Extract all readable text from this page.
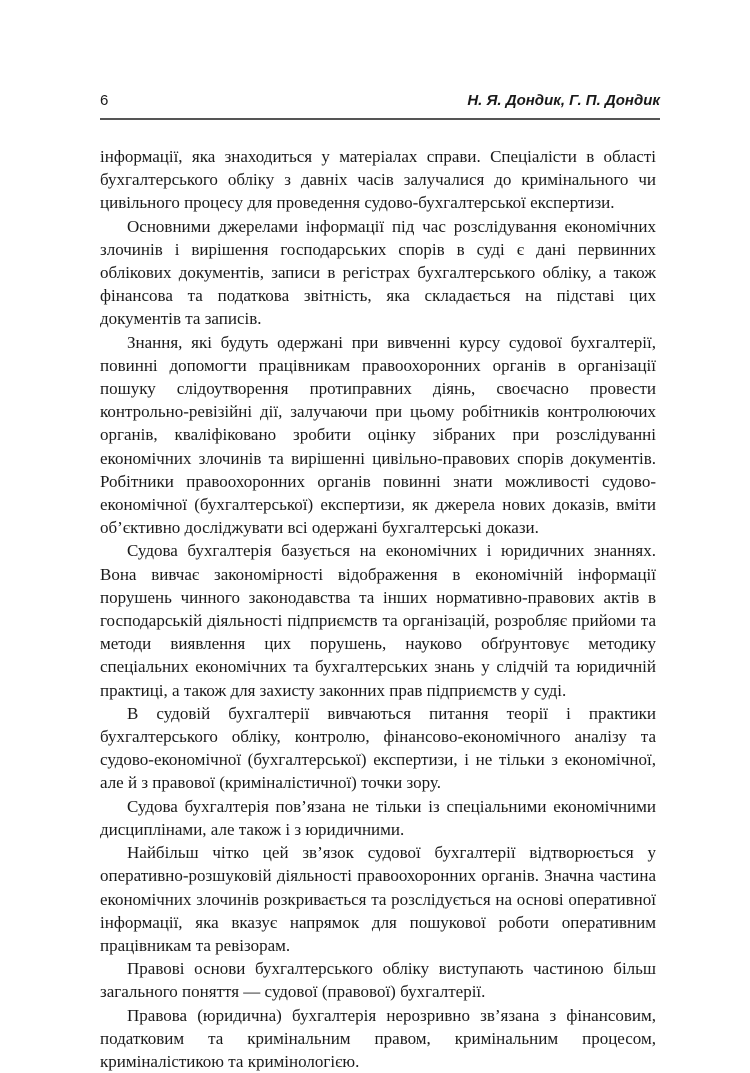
6	Н. Я. Дондик, Г. П. Дондик

інформації, яка знаходиться у матеріалах справи. Спеціалісти в області бухгалтерського обліку з давніх часів залучалися до кримінального чи цивільного процесу для проведення судово-бухгалтерської експертизи.

Основними джерелами інформації під час розслідування економічних злочинів і вирішення господарських спорів в суді є дані первинних облікових документів, записи в регістрах бухгалтерського обліку, а також фінансова та податкова звітність, яка складається на підставі цих документів та записів.

Знання, які будуть одержані при вивченні курсу судової бухгалтерії, повинні допомогти працівникам правоохоронних органів в організації пошуку слідоутворення протиправних діянь, своєчасно провести контрольно-ревізійні дії, залучаючи при цьому робітників контролюючих органів, кваліфіковано зробити оцінку зібраних при розслідуванні економічних злочинів та вирішенні цивільно-правових спорів документів. Робітники правоохоронних органів повинні знати можливості судово-економічної (бухгалтерської) експертизи, як джерела нових доказів, вміти об’єктивно досліджувати всі одержані бухгалтерські докази.

Судова бухгалтерія базується на економічних і юридичних знаннях. Вона вивчає закономірності відображення в економічній інформації порушень чинного законодавства та інших нормативно-правових актів в господарській діяльності підприємств та організацій, розробляє прийоми та методи виявлення цих порушень, науково обґрунтовує методику спеціальних економічних та бухгалтерських знань у слідчій та юридичній практиці, а також для захисту законних прав підприємств у суді.

В судовій бухгалтерії вивчаються питання теорії і практики бухгалтерського обліку, контролю, фінансово-економічного аналізу та судово-економічної (бухгалтерської) експертизи, і не тільки з економічної, але й з правової (криміналістичної) точки зору.

Судова бухгалтерія пов’язана не тільки із спеціальними економічними дисциплінами, але також і з юридичними.

Найбільш чітко цей зв’язок судової бухгалтерії відтворюється у оперативно-розшуковій діяльності правоохоронних органів. Значна частина економічних злочинів розкривається та розслідується на основі оперативної інформації, яка вказує напрямок для пошукової роботи оперативним працівникам та ревізорам.

Правові основи бухгалтерського обліку виступають частиною більш загального поняття — судової (правової) бухгалтерії.

Правова (юридична) бухгалтерія нерозривно зв’язана з фінансовим, податковим та кримінальним правом, кримінальним процесом, криміналістикою та кримінологією.
